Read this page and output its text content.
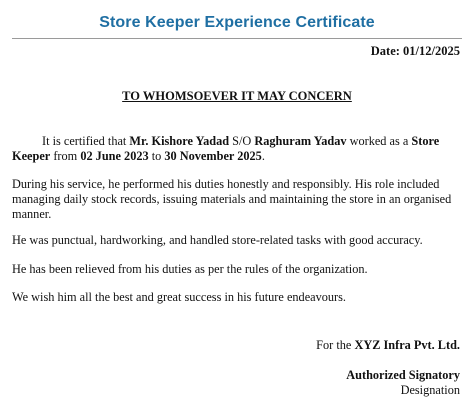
Store Keeper Experience Certificate
Date: 01/12/2025
TO WHOMSOEVER IT MAY CONCERN
It is certified that Mr. Kishore Yadad S/O Raghuram Yadav worked as a Store Keeper from 02 June 2023 to 30 November 2025.
During his service, he performed his duties honestly and responsibly. His role included managing daily stock records, issuing materials and maintaining the store in an organised manner.
He was punctual, hardworking, and handled store-related tasks with good accuracy.
He has been relieved from his duties as per the rules of the organization.
We wish him all the best and great success in his future endeavours.
For the XYZ Infra Pvt. Ltd.
Authorized Signatory
Designation
